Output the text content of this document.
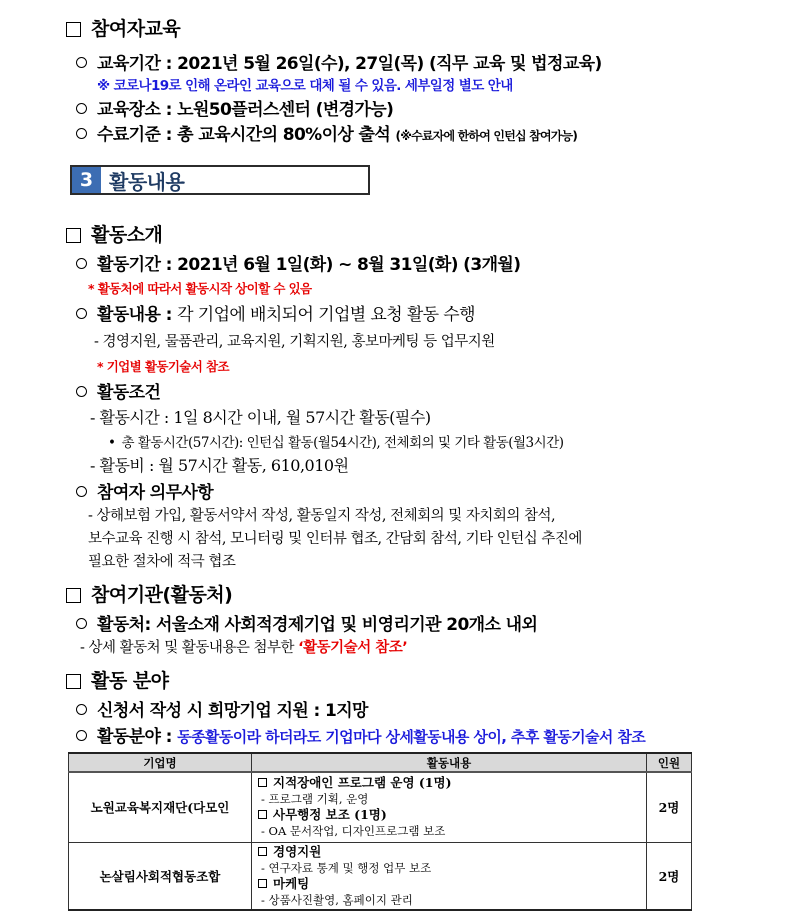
참여자교육
교육기간 : 2021년 5월 26일(수), 27일(목) (직무 교육 및 법정교육)
※ 코로나19로 인해 온라인 교육으로 대체 될 수 있음. 세부일정 별도 안내
교육장소 : 노원50플러스센터 (변경가능)
수료기준 : 총 교육시간의 80%이상 출석 (※수료자에 한하여 인턴십 참여가능)
3 활동내용
활동소개
활동기간 : 2021년 6월 1일(화) ~ 8월 31일(화) (3개월)
* 활동처에 따라서 활동시작 상이할 수 있음
활동내용 : 각 기업에 배치되어 기업별 요청 활동 수행
- 경영지원, 물품관리, 교육지원, 기획지원, 홍보마케팅 등 업무지원
* 기업별 활동기술서 참조
활동조건
- 활동시간 : 1일 8시간 이내, 월 57시간 활동(필수)
• 총 활동시간(57시간): 인턴십 활동(월54시간), 전체회의 및 기타 활동(월3시간)
- 활동비 : 월 57시간 활동, 610,010원
참여자 의무사항
- 상해보험 가입, 활동서약서 작성, 활동일지 작성, 전체회의 및 자치회의 참석,
보수교육 진행 시 참석, 모니터링 및 인터뷰 협조, 간담회 참석, 기타 인턴십 추진에
필요한 절차에 적극 협조
참여기관(활동처)
활동처: 서울소재 사회적경제기업 및 비영리기관 20개소 내외
- 상세 활동처 및 활동내용은 첨부한 ‘활동기술서 참조’
활동 분야
신청서 작성 시 희망기업 지원 : 1지망
활동분야 : 동종활동이라 하더라도 기업마다 상세활동내용 상이, 추후 활동기술서 참조
기업명	활동내용	인원
노원교육복지재단(다모인	지적장애인 프로그램 운영 (1명)
- 프로그램 기획, 운영
사무행정 보조 (1명)
- OA 문서작업, 디자인프로그램 보조	2명
논살림사회적협동조합	경영지원
- 연구자료 통계 및 행정 업무 보조
마케팅
- 상품사진촬영, 홈페이지 관리	2명
